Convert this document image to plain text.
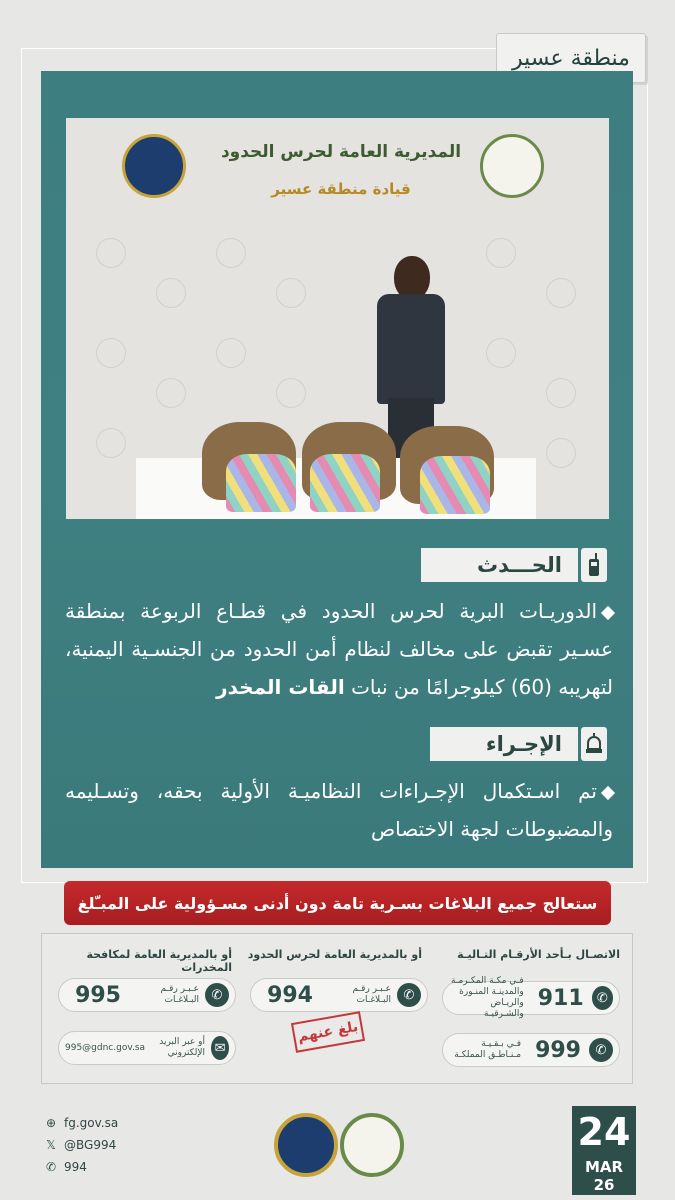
منطقة عسير
المديرية العامة لحرس الحدود
قيادة منطقة عسير
الحـــدث
الدوريـات البرية لحرس الحدود في قطـاع الربوعة بمنطقة عسـير تقبض على مخالف لنظام أمن الحدود من الجنسـية اليمنية، لتهريبه (60) كيلوجرامًا من نبات القات المخدر
الإجـراء
تم اسـتكمال الإجـراءات النظاميـة الأولية بحقه، وتسـليمه والمضبوطات لجهة الاختصاص
ستعالج جميع البلاغات بسـرية تامة دون أدنى مسـؤولية على المبـّلغ
الاتصـال بـأحد الأرقـام التـاليـة
أو بالمديرية العامة لحرس الحدود
أو بالمديرية العامة لمكافحة المخدرات
✆
911
فـي مكـة المكـرمـة والمدينـة المنـورة والريـاض والشـرقيـة
✆
999
فـي بـقـيـة مـنـاطـق المملكـة
✆
عـبـر رقـم البـلاغـات
994
✆
عـبـر رقـم البـلاغـات
995
✉
أو عبر البريد الإلكتروني
995@gdnc.gov.sa
بلغ عنهم
⊕ fg.gov.sa
𝕏 @BG994
✆ 994
24
MAR 26
